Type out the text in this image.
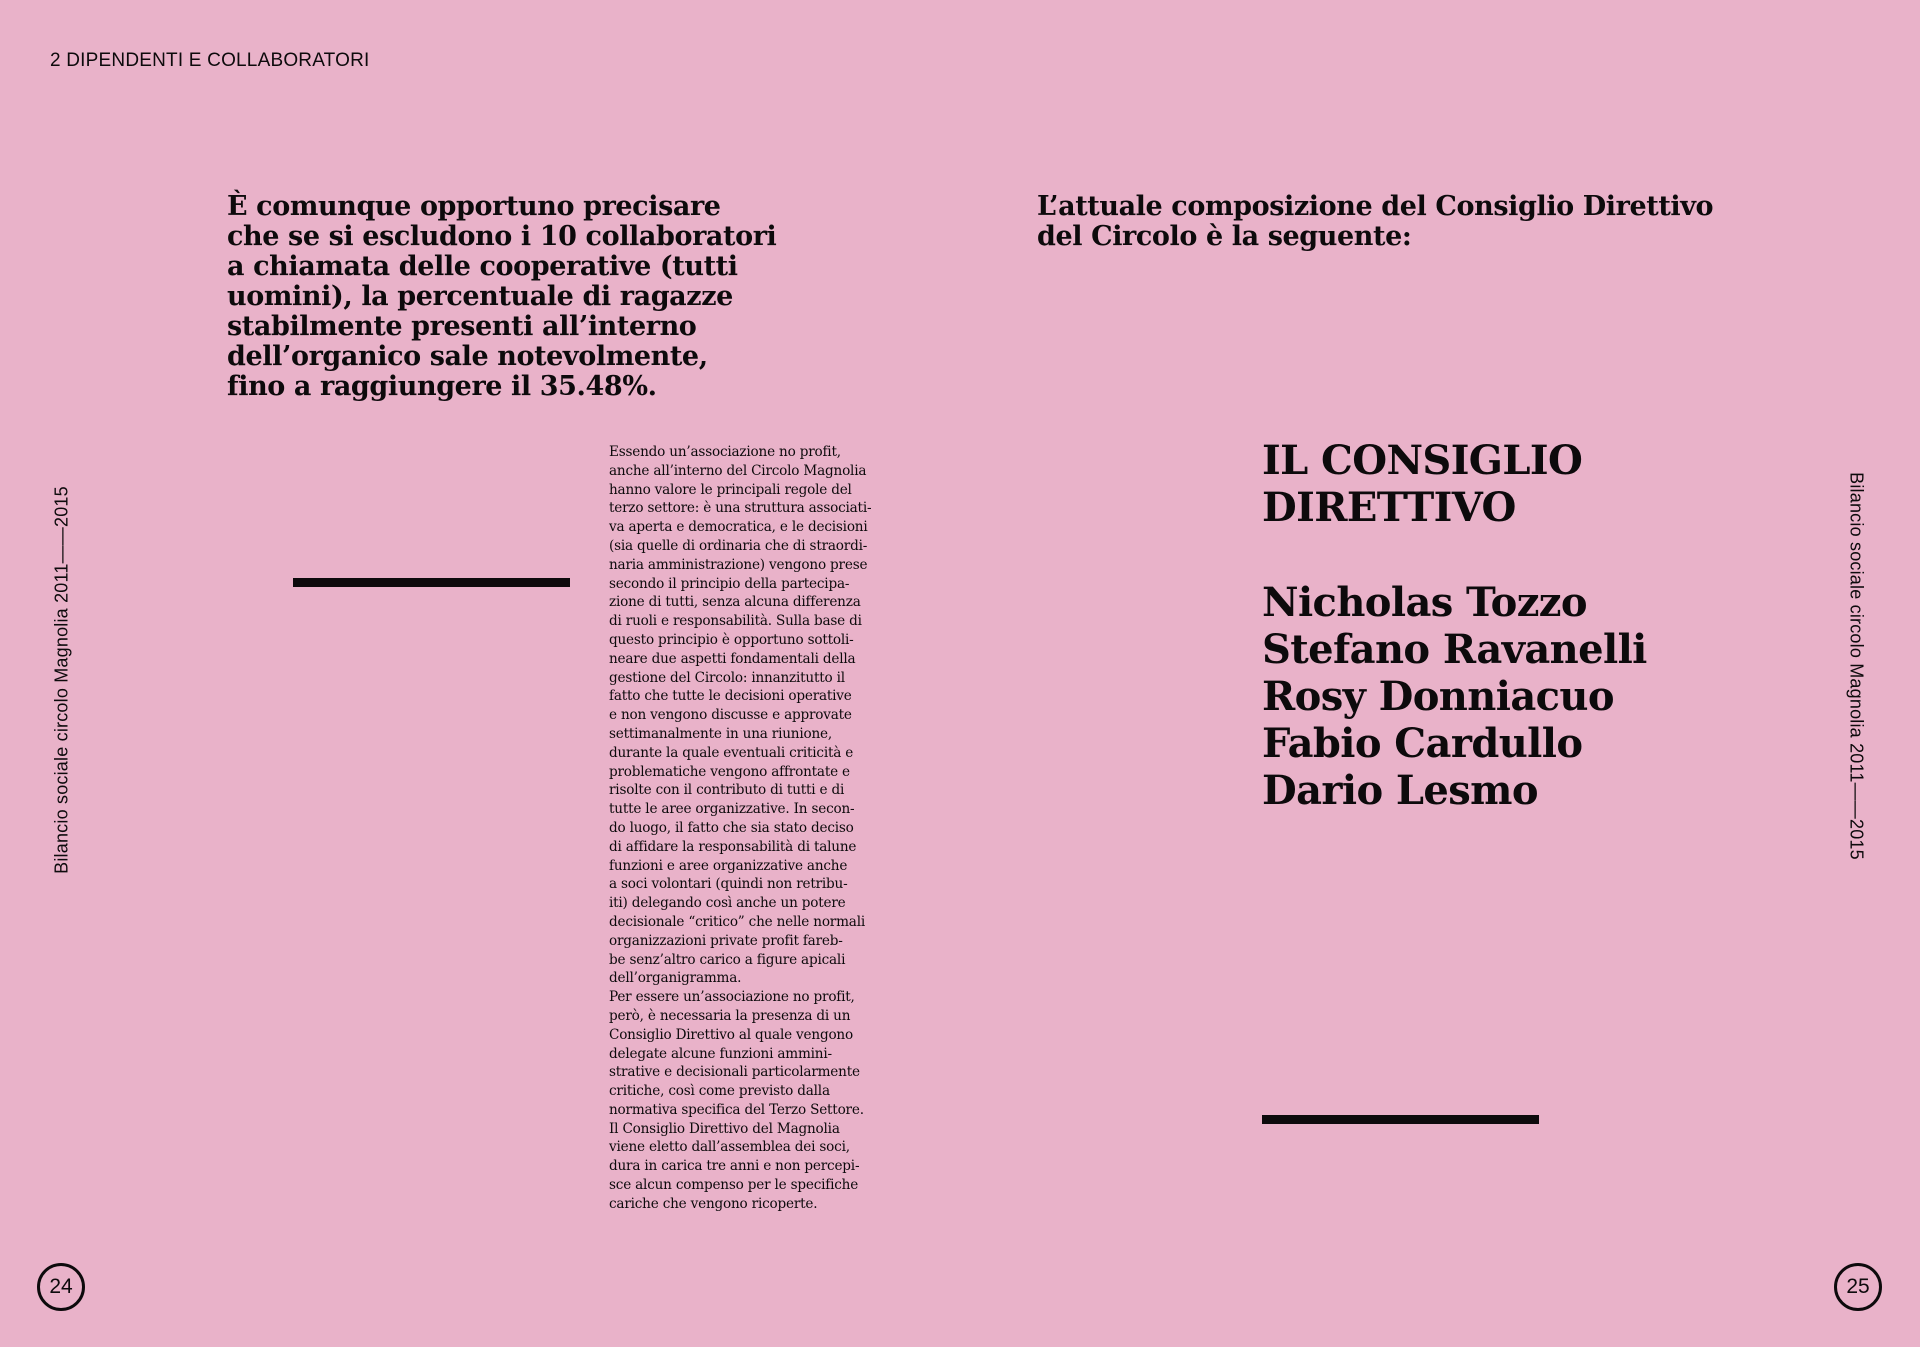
2 DIPENDENTI E COLLABORATORI
È comunque opportuno precisare
che se si escludono i 10 collaboratori
a chiamata delle cooperative (tutti
uomini), la percentuale di ragazze
stabilmente presenti all’interno
dell’organico sale notevolmente,
fino a raggiungere il 35.48%.
L’attuale composizione del Consiglio Direttivo
del Circolo è la seguente:
Essendo un’associazione no profit,
anche all’interno del Circolo Magnolia
hanno valore le principali regole del
terzo settore: è una struttura associati-
va aperta e democratica, e le decisioni
(sia quelle di ordinaria che di straordi-
naria amministrazione) vengono prese
secondo il principio della partecipa-
zione di tutti, senza alcuna differenza
di ruoli e responsabilità. Sulla base di
questo principio è opportuno sottoli-
neare due aspetti fondamentali della
gestione del Circolo: innanzitutto il
fatto che tutte le decisioni operative
e non vengono discusse e approvate
settimanalmente in una riunione,
durante la quale eventuali criticità e
problematiche vengono affrontate e
risolte con il contributo di tutti e di
tutte le aree organizzative. In secon-
do luogo, il fatto che sia stato deciso
di affidare la responsabilità di talune
funzioni e aree organizzative anche
a soci volontari (quindi non retribu-
iti) delegando così anche un potere
decisionale “critico” che nelle normali
organizzazioni private profit fareb-
be senz’altro carico a figure apicali
dell’organigramma.
Per essere un’associazione no profit,
però, è necessaria la presenza di un
Consiglio Direttivo al quale vengono
delegate alcune funzioni ammini-
strative e decisionali particolarmente
critiche, così come previsto dalla
normativa specifica del Terzo Settore.
Il Consiglio Direttivo del Magnolia
viene eletto dall’assemblea dei soci,
dura in carica tre anni e non percepi-
sce alcun compenso per le specifiche
cariche che vengono ricoperte.
IL CONSIGLIO
DIRETTIVO
Nicholas Tozzo
Stefano Ravanelli
Rosy Donniacuo
Fabio Cardullo
Dario Lesmo
Bilancio sociale circolo Magnolia 2011——2015	Bilancio sociale circolo Magnolia 2011——2015
24	25
